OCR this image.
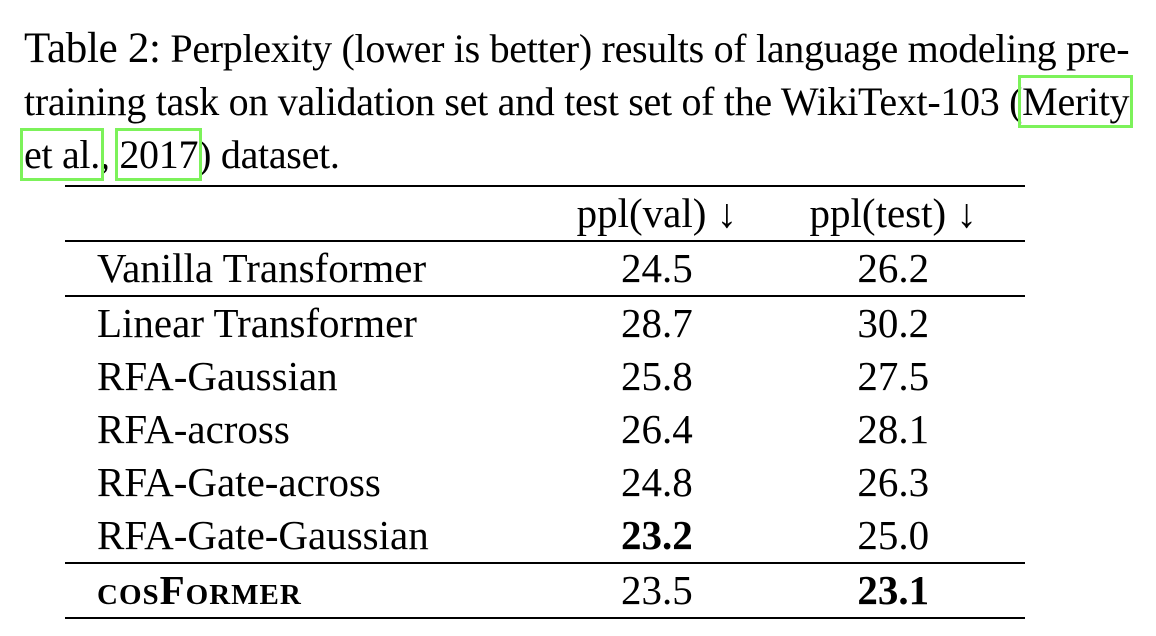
Table 2: Perplexity (lower is better) results of language modeling pre-training task on validation set and test set of the WikiText-103 (Merity et al., 2017) dataset.
	ppl(val) ↓	ppl(test) ↓
Vanilla Transformer	24.5	26.2
Linear Transformer	28.7	30.2
RFA-Gaussian	25.8	27.5
RFA-across	26.4	28.1
RFA-Gate-across	24.8	26.3
RFA-Gate-Gaussian	23.2	25.0
cosFormer	23.5	23.1
